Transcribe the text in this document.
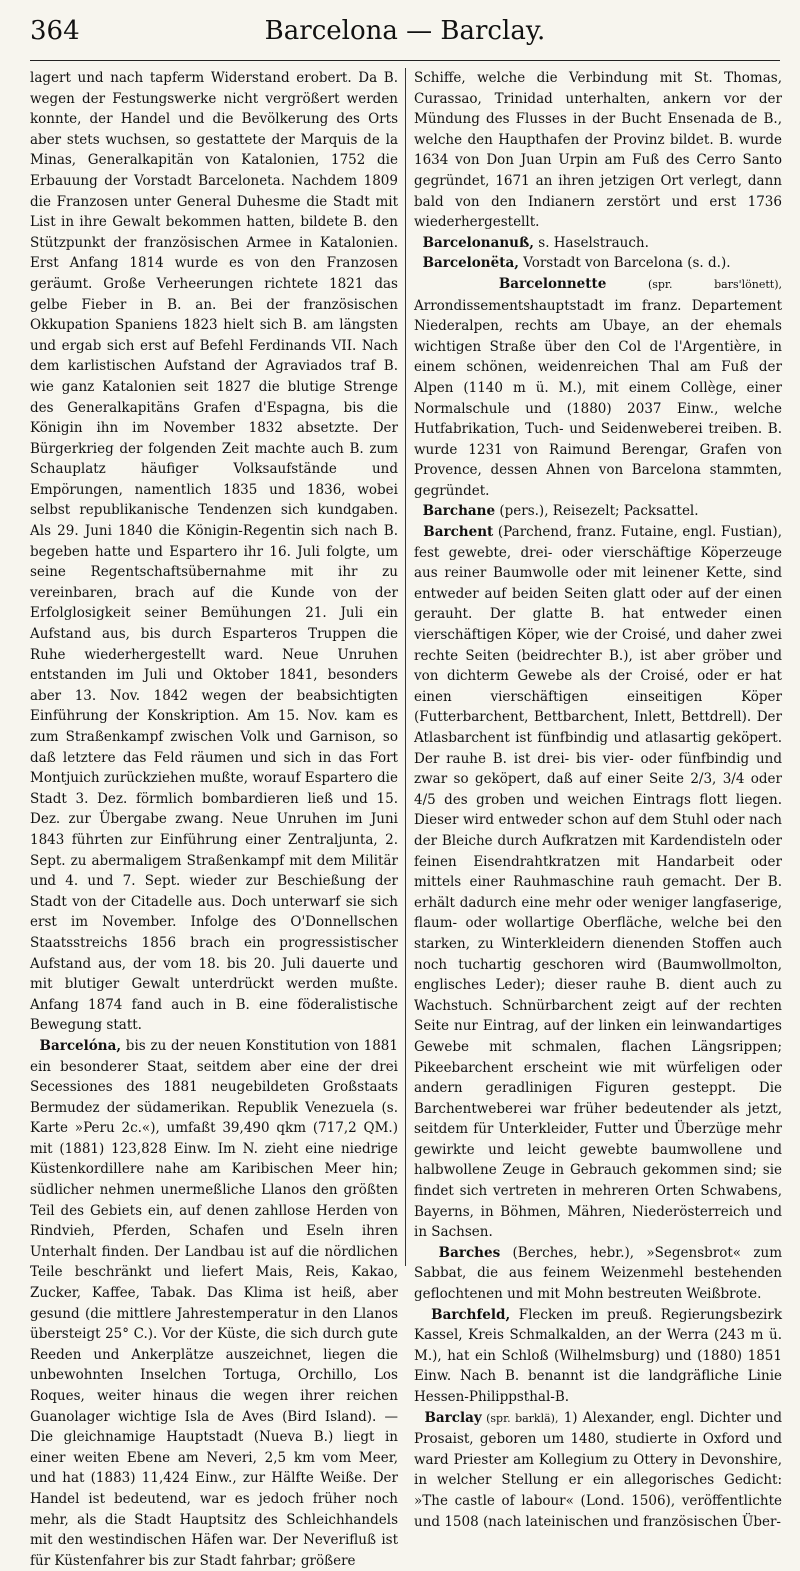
364	Barcelona — Barclay.

lagert und nach tapferm Widerstand erobert. Da B. wegen der Festungswerke nicht vergrößert werden konnte, der Handel und die Bevölkerung des Orts aber stets wuchsen, so gestattete der Marquis de la Minas, Generalkapitän von Katalonien, 1752 die Erbauung der Vorstadt Barceloneta. Nachdem 1809 die Franzosen unter General Duhesme die Stadt mit List in ihre Gewalt bekommen hatten, bildete B. den Stützpunkt der französischen Armee in Katalonien. Erst Anfang 1814 wurde es von den Franzosen geräumt. Große Verheerungen richtete 1821 das gelbe Fieber in B. an. Bei der französischen Okkupation Spaniens 1823 hielt sich B. am längsten und ergab sich erst auf Befehl Ferdinands VII. Nach dem karlistischen Aufstand der Agraviados traf B. wie ganz Katalonien seit 1827 die blutige Strenge des Generalkapitäns Grafen d'Espagna, bis die Königin ihn im November 1832 absetzte. Der Bürgerkrieg der folgenden Zeit machte auch B. zum Schauplatz häufiger Volksaufstände und Empörungen, namentlich 1835 und 1836, wobei selbst republikanische Tendenzen sich kundgaben. Als 29. Juni 1840 die Königin-Regentin sich nach B. begeben hatte und Espartero ihr 16. Juli folgte, um seine Regentschaftsübernahme mit ihr zu vereinbaren, brach auf die Kunde von der Erfolglosigkeit seiner Bemühungen 21. Juli ein Aufstand aus, bis durch Esparteros Truppen die Ruhe wiederhergestellt ward. Neue Unruhen entstanden im Juli und Oktober 1841, besonders aber 13. Nov. 1842 wegen der beabsichtigten Einführung der Konskription. Am 15. Nov. kam es zum Straßenkampf zwischen Volk und Garnison, so daß letztere das Feld räumen und sich in das Fort Montjuich zurückziehen mußte, worauf Espartero die Stadt 3. Dez. förmlich bombardieren ließ und 15. Dez. zur Übergabe zwang. Neue Unruhen im Juni 1843 führten zur Einführung einer Zentraljunta, 2. Sept. zu abermaligem Straßenkampf mit dem Militär und 4. und 7. Sept. wieder zur Beschießung der Stadt von der Citadelle aus. Doch unterwarf sie sich erst im November. Infolge des O'Donnellschen Staatsstreichs 1856 brach ein progressistischer Aufstand aus, der vom 18. bis 20. Juli dauerte und mit blutiger Gewalt unterdrückt werden mußte. Anfang 1874 fand auch in B. eine föderalistische Bewegung statt.

Barcelóna, bis zu der neuen Konstitution von 1881 ein besonderer Staat, seitdem aber eine der drei Secessiones des 1881 neugebildeten Großstaats Bermudez der südamerikan. Republik Venezuela (s. Karte »Peru 2c.«), umfaßt 39,490 qkm (717,2 QM.) mit (1881) 123,828 Einw. Im N. zieht eine niedrige Küstenkordillere nahe am Karibischen Meer hin; südlicher nehmen unermeßliche Llanos den größten Teil des Gebiets ein, auf denen zahllose Herden von Rindvieh, Pferden, Schafen und Eseln ihren Unterhalt finden. Der Landbau ist auf die nördlichen Teile beschränkt und liefert Mais, Reis, Kakao, Zucker, Kaffee, Tabak. Das Klima ist heiß, aber gesund (die mittlere Jahrestemperatur in den Llanos übersteigt 25° C.). Vor der Küste, die sich durch gute Reeden und Ankerplätze auszeichnet, liegen die unbewohnten Inselchen Tortuga, Orchillo, Los Roques, weiter hinaus die wegen ihrer reichen Guanolager wichtige Isla de Aves (Bird Island). — Die gleichnamige Hauptstadt (Nueva B.) liegt in einer weiten Ebene am Neveri, 2,5 km vom Meer, und hat (1883) 11,424 Einw., zur Hälfte Weiße. Der Handel ist bedeutend, war es jedoch früher noch mehr, als die Stadt Hauptsitz des Schleichhandels mit den westindischen Häfen war. Der Neverifluß ist für Küstenfahrer bis zur Stadt fahrbar; größere

Schiffe, welche die Verbindung mit St. Thomas, Curassao, Trinidad unterhalten, ankern vor der Mündung des Flusses in der Bucht Ensenada de B., welche den Haupthafen der Provinz bildet. B. wurde 1634 von Don Juan Urpin am Fuß des Cerro Santo gegründet, 1671 an ihren jetzigen Ort verlegt, dann bald von den Indianern zerstört und erst 1736 wiederhergestellt.

Barcelonanuß, s. Haselstrauch.

Barcelonëta, Vorstadt von Barcelona (s. d.).

Barcelonnette (spr. bars'lönett), Arrondissementshauptstadt im franz. Departement Niederalpen, rechts am Ubaye, an der ehemals wichtigen Straße über den Col de l'Argentière, in einem schönen, weidenreichen Thal am Fuß der Alpen (1140 m ü. M.), mit einem Collège, einer Normalschule und (1880) 2037 Einw., welche Hutfabrikation, Tuch- und Seidenweberei treiben. B. wurde 1231 von Raimund Berengar, Grafen von Provence, dessen Ahnen von Barcelona stammten, gegründet.

Barchane (pers.), Reisezelt; Packsattel.

Barchent (Parchend, franz. Futaine, engl. Fustian), fest gewebte, drei- oder vierschäftige Köperzeuge aus reiner Baumwolle oder mit leinener Kette, sind entweder auf beiden Seiten glatt oder auf der einen gerauht. Der glatte B. hat entweder einen vierschäftigen Köper, wie der Croisé, und daher zwei rechte Seiten (beidrechter B.), ist aber gröber und von dichterm Gewebe als der Croisé, oder er hat einen vierschäftigen einseitigen Köper (Futterbarchent, Bettbarchent, Inlett, Bettdrell). Der Atlasbarchent ist fünfbindig und atlasartig geköpert. Der rauhe B. ist drei- bis vier- oder fünfbindig und zwar so geköpert, daß auf einer Seite 2/3, 3/4 oder 4/5 des groben und weichen Eintrags flott liegen. Dieser wird entweder schon auf dem Stuhl oder nach der Bleiche durch Aufkratzen mit Kardendisteln oder feinen Eisendrahtkratzen mit Handarbeit oder mittels einer Rauhmaschine rauh gemacht. Der B. erhält dadurch eine mehr oder weniger langfaserige, flaum- oder wollartige Oberfläche, welche bei den starken, zu Winterkleidern dienenden Stoffen auch noch tuchartig geschoren wird (Baumwollmolton, englisches Leder); dieser rauhe B. dient auch zu Wachstuch. Schnürbarchent zeigt auf der rechten Seite nur Eintrag, auf der linken ein leinwandartiges Gewebe mit schmalen, flachen Längsrippen; Pikeebarchent erscheint wie mit würfeligen oder andern geradlinigen Figuren gesteppt. Die Barchentweberei war früher bedeutender als jetzt, seitdem für Unterkleider, Futter und Überzüge mehr gewirkte und leicht gewebte baumwollene und halbwollene Zeuge in Gebrauch gekommen sind; sie findet sich vertreten in mehreren Orten Schwabens, Bayerns, in Böhmen, Mähren, Niederösterreich und in Sachsen.

Barches (Berches, hebr.), »Segensbrot« zum Sabbat, die aus feinem Weizenmehl bestehenden geflochtenen und mit Mohn bestreuten Weißbrote.

Barchfeld, Flecken im preuß. Regierungsbezirk Kassel, Kreis Schmalkalden, an der Werra (243 m ü. M.), hat ein Schloß (Wilhelmsburg) und (1880) 1851 Einw. Nach B. benannt ist die landgräfliche Linie Hessen-Philippsthal-B.

Barclay (spr. barklä), 1) Alexander, engl. Dichter und Prosaist, geboren um 1480, studierte in Oxford und ward Priester am Kollegium zu Ottery in Devonshire, in welcher Stellung er ein allegorisches Gedicht: »The castle of labour« (Lond. 1506), veröffentlichte und 1508 (nach lateinischen und französischen Über-
